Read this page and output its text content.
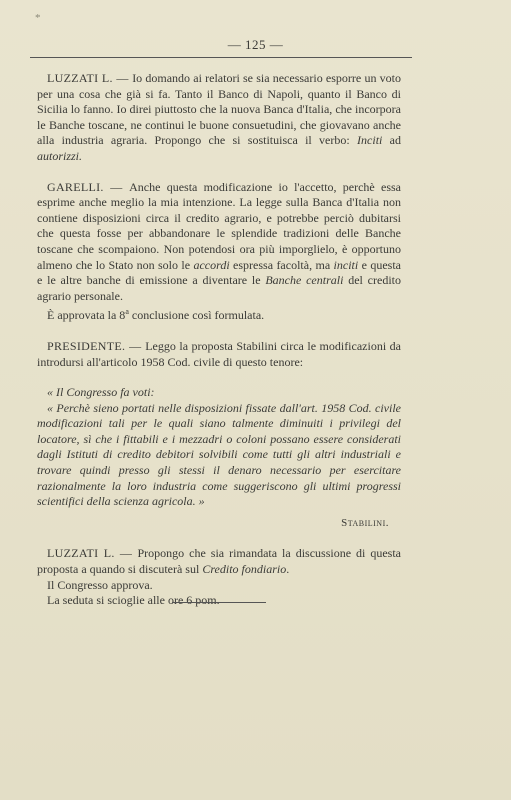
*
— 125 —

LUZZATI L. — Io domando ai relatori se sia necessario esporre un voto per una cosa che già si fa. Tanto il Banco di Napoli, quanto il Banco di Sicilia lo fanno. Io direi piuttosto che la nuova Banca d'Italia, che incorpora le Banche toscane, ne continui le buone consuetudini, che giovavano anche alla industria agraria. Propongo che si sostituisca il verbo: Inciti ad autorizzi.

GARELLI. — Anche questa modificazione io l'accetto, perchè essa esprime anche meglio la mia intenzione. La legge sulla Banca d'Italia non contiene disposizioni circa il credito agrario, e potrebbe perciò dubitarsi che questa fosse per abbandonare le splendide tradizioni delle Banche toscane che scompaiono. Non potendosi ora più imporglielo, è opportuno almeno che lo Stato non solo le accordi espressa facoltà, ma inciti e questa e le altre banche di emissione a diventare le Banche centrali del credito agrario personale.

È approvata la 8$^a$ conclusione così formulata.

PRESIDENTE. — Leggo la proposta Stabilini circa le modificazioni da introdursi all'articolo 1958 Cod. civile di questo tenore:

« Il Congresso fa voti:

« Perchè sieno portati nelle disposizioni fissate dall'art. 1958 Cod. civile modificazioni tali per le quali siano talmente diminuiti i privilegi del locatore, sì che i fittabili e i mezzadri o coloni possano essere considerati dagli Istituti di credito debitori solvibili come tutti gli altri industriali e trovare quindi presso gli stessi il denaro necessario per esercitare razionalmente la loro industria come suggeriscono gli ultimi progressi scientifici della scienza agricola. »

Stabilini.

LUZZATI L. — Propongo che sia rimandata la discussione di questa proposta a quando si discuterà sul Credito fondiario.

Il Congresso approva.

La seduta si scioglie alle ore 6 pom.
